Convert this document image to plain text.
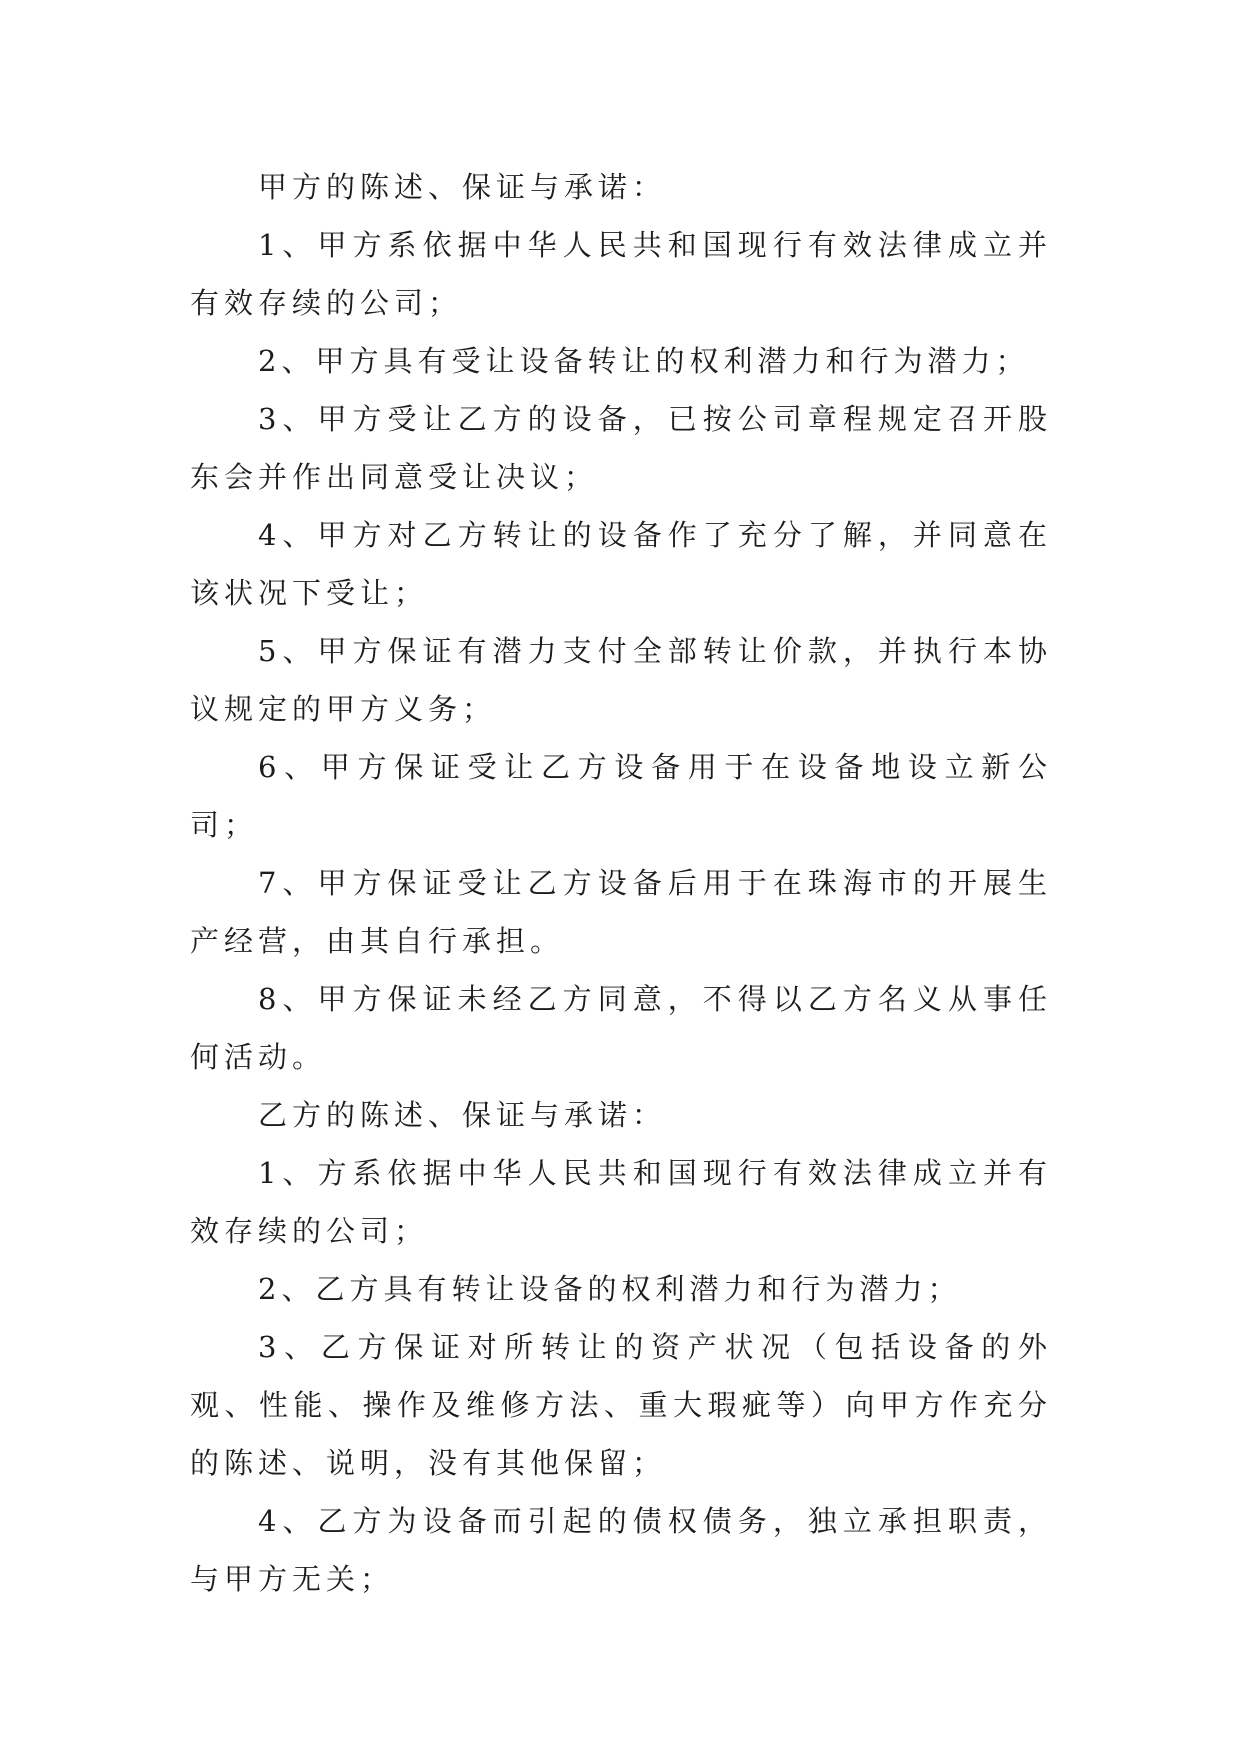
甲方的陈述、保证与承诺：

1、甲方系依据中华人民共和国现行有效法律成立并有效存续的公司；

2、甲方具有受让设备转让的权利潜力和行为潜力；

3、甲方受让乙方的设备，已按公司章程规定召开股东会并作出同意受让决议；

4、甲方对乙方转让的设备作了充分了解，并同意在该状况下受让；

5、甲方保证有潜力支付全部转让价款，并执行本协议规定的甲方义务；

6、甲方保证受让乙方设备用于在设备地设立新公司；

7、甲方保证受让乙方设备后用于在珠海市的开展生产经营，由其自行承担。

8、甲方保证未经乙方同意，不得以乙方名义从事任何活动。

乙方的陈述、保证与承诺：

1、方系依据中华人民共和国现行有效法律成立并有效存续的公司；

2、乙方具有转让设备的权利潜力和行为潜力；

3、乙方保证对所转让的资产状况（包括设备的外观、性能、操作及维修方法、重大瑕疵等）向甲方作充分的陈述、说明，没有其他保留；

4、乙方为设备而引起的债权债务，独立承担职责，与甲方无关；
